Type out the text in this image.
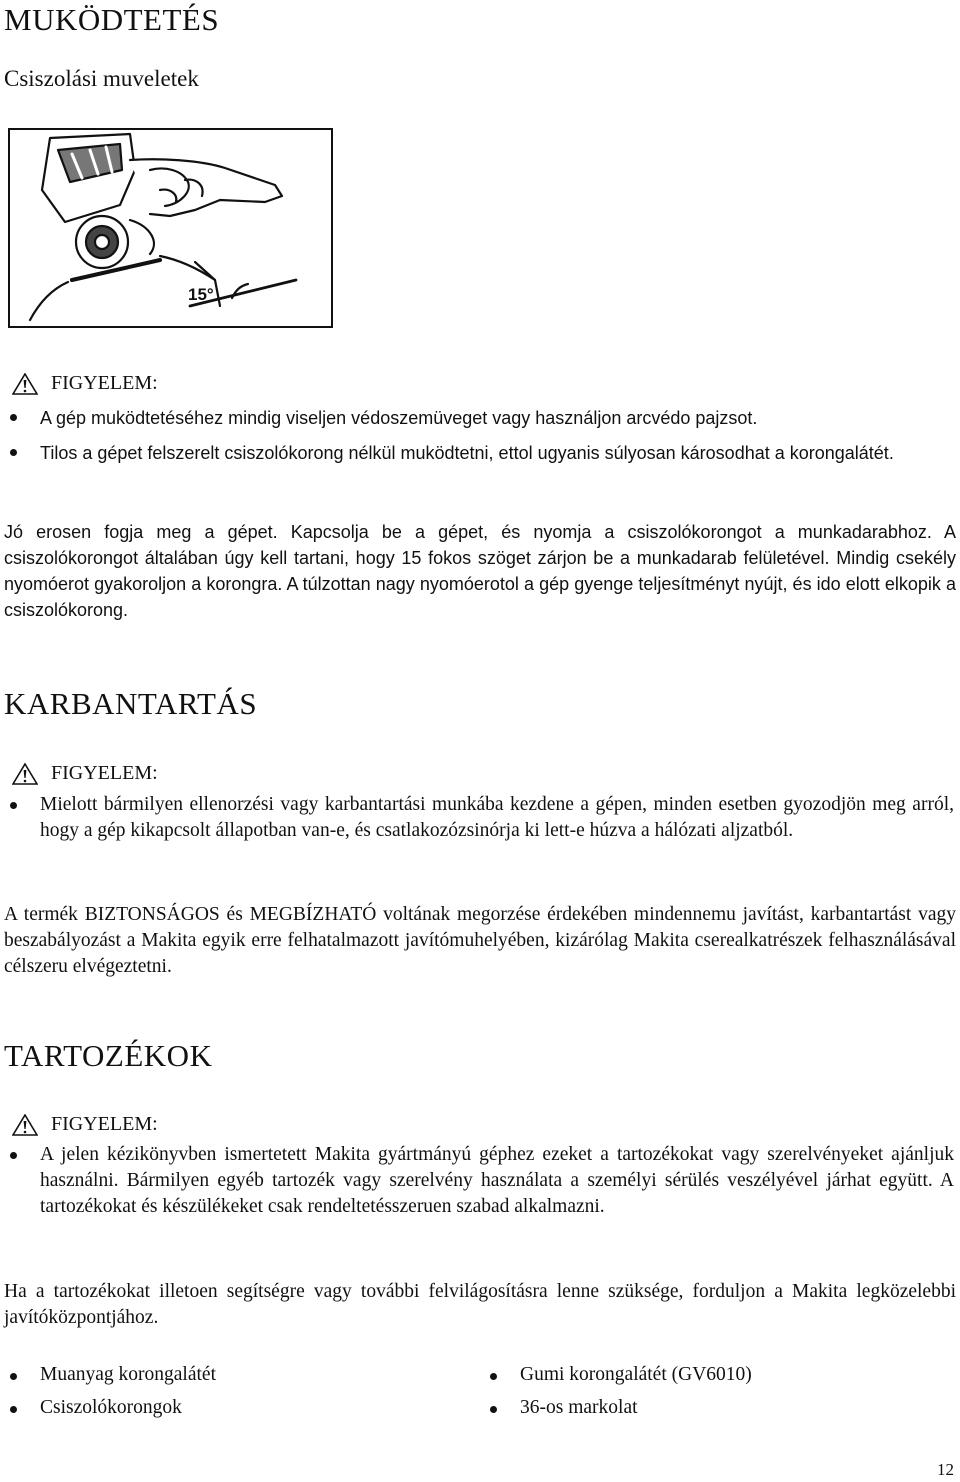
MUKÖDTETÉS
Csiszolási muveletek
15°
FIGYELEM:
A gép muködtetéséhez mindig viseljen védoszemüveget vagy használjon arcvédo pajzsot.
Tilos a gépet felszerelt csiszolókorong nélkül muködtetni, ettol ugyanis súlyosan károsodhat a korongalátét.
Jó erosen fogja meg a gépet. Kapcsolja be a gépet, és nyomja a csiszolókorongot a munkadarabhoz. A csiszolókorongot általában úgy kell tartani, hogy 15 fokos szöget zárjon be a munkadarab felületével. Mindig csekély nyomóerot gyakoroljon a korongra. A túlzottan nagy nyomóerotol a gép gyenge teljesítményt nyújt, és ido elott elkopik a csiszolókorong.
KARBANTARTÁS
FIGYELEM:
Mielott bármilyen ellenorzési vagy karbantartási munkába kezdene a gépen, minden esetben gyozodjön meg arról, hogy a gép kikapcsolt állapotban van-e, és csatlakozózsinórja ki lett-e húzva a hálózati aljzatból.
A termék BIZTONSÁGOS és MEGBÍZHATÓ voltának megorzése érdekében mindennemu javítást, karbantartást vagy beszabályozást a Makita egyik erre felhatalmazott javítómuhelyében, kizárólag Makita cserealkatrészek felhasználásával célszeru elvégeztetni.
TARTOZÉKOK
FIGYELEM:
A jelen kézikönyvben ismertetett Makita gyártmányú géphez ezeket a tartozékokat vagy szerelvényeket ajánljuk használni. Bármilyen egyéb tartozék vagy szerelvény használata a személyi sérülés veszélyével járhat együtt. A tartozékokat és készülékeket csak rendeltetésszeruen szabad alkalmazni.
Ha a tartozékokat illetoen segítségre vagy további felvilágosításra lenne szüksége, forduljon a Makita legközelebbi javítóközpontjához.
Muanyag korongalátét	Gumi korongalátét (GV6010)
Csiszolókorongok	36-os markolat
12
